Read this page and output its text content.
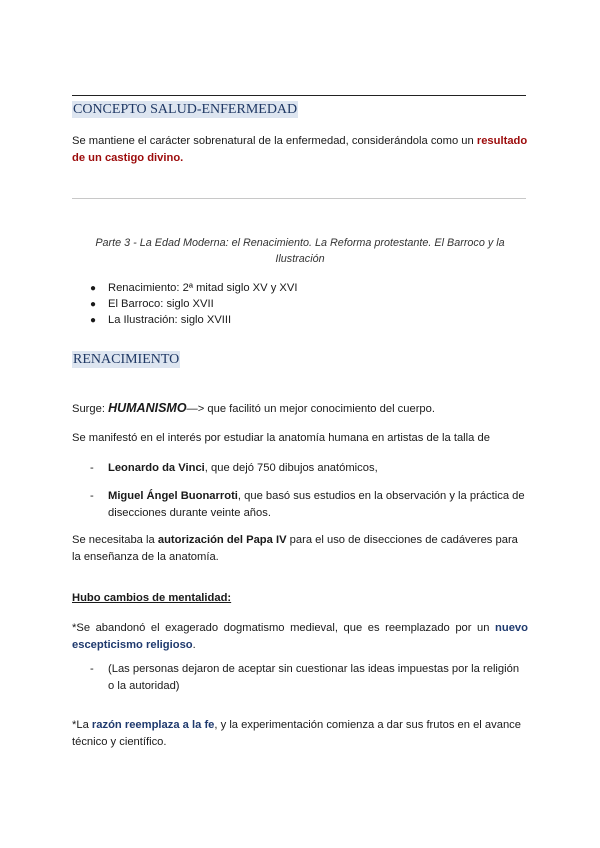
CONCEPTO SALUD-ENFERMEDAD
Se mantiene el carácter sobrenatural de la enfermedad, considerándola como un resultado de un castigo divino.
Parte 3 - La Edad Moderna: el Renacimiento. La Reforma protestante. El Barroco y la
Ilustración
● Renacimiento: 2ª mitad siglo XV y XVI
● El Barroco: siglo XVII
● La Ilustración: siglo XVIII
RENACIMIENTO
Surge: HUMANISMO—> que facilitó un mejor conocimiento del cuerpo.
Se manifestó en el interés por estudiar la anatomía humana en artistas de la talla de
- Leonardo da Vinci, que dejó 750 dibujos anatómicos,
- Miguel Ángel Buonarroti, que basó sus estudios en la observación y la práctica de disecciones durante veinte años.
Se necesitaba la autorización del Papa IV para el uso de disecciones de cadáveres para la enseñanza de la anatomía.
Hubo cambios de mentalidad:
*Se abandonó el exagerado dogmatismo medieval, que es reemplazado por un nuevo escepticismo religioso.
- (Las personas dejaron de aceptar sin cuestionar las ideas impuestas por la religión o la autoridad)
*La razón reemplaza a la fe, y la experimentación comienza a dar sus frutos en el avance técnico y científico.
